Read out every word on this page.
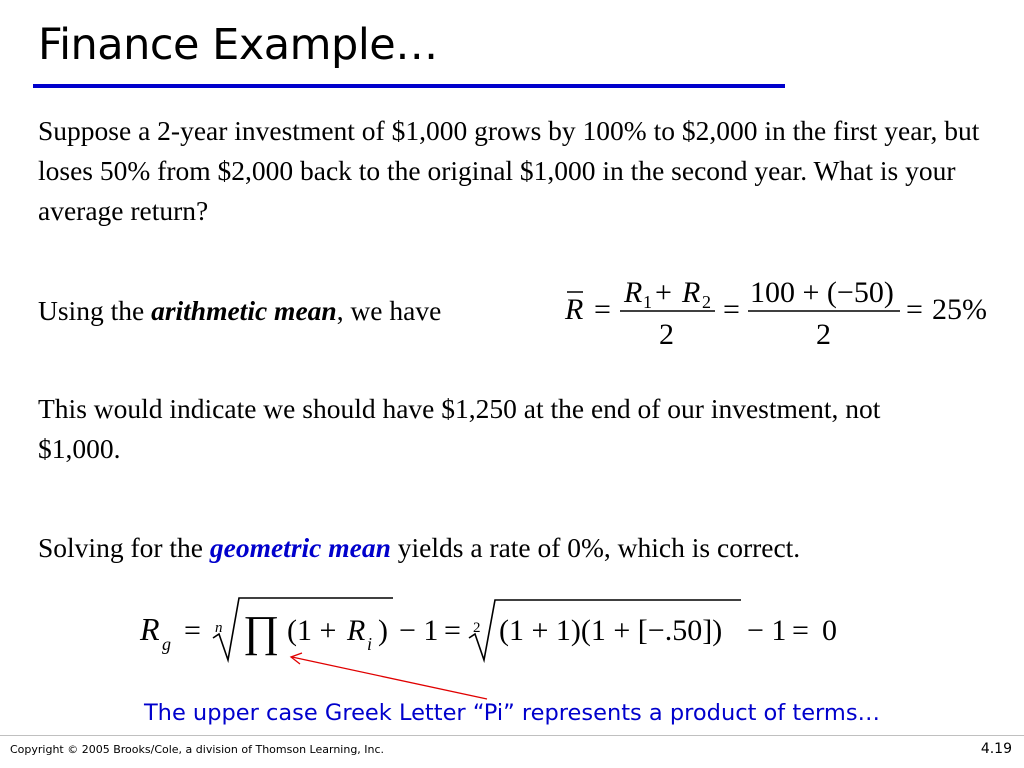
Finance Example…

Suppose a 2-year investment of $1,000 grows by 100% to $2,000 in the first year, but loses 50% from $2,000 back to the original $1,000 in the second year. What is your average return?

Using the arithmetic mean, we have	R =
R 1 + R 2
2
=
100 + (−50)
2
= 25%

This would indicate we should have $1,250 at the end of our investment, not $1,000.

Solving for the geometric mean yields a rate of 0%, which is correct.

R g = n ∏ (1 + R i ) − 1 = 2 (1 + 1)(1 + [−.50]) − 1 = 0

The upper case Greek Letter “Pi” represents a product of terms…

Copyright © 2005 Brooks/Cole, a division of Thomson Learning, Inc.	4.19
